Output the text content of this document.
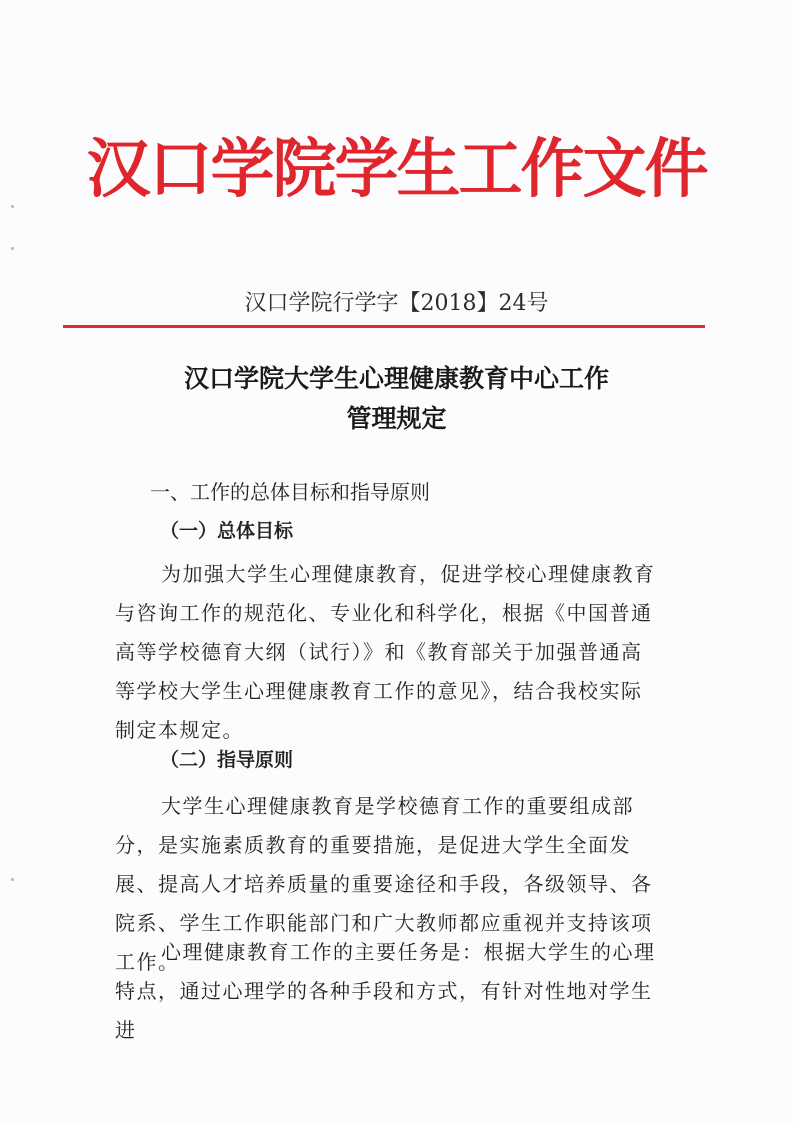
汉口学院学生工作文件
汉口学院行学字【2018】24号
汉口学院大学生心理健康教育中心工作
管理规定
一、工作的总体目标和指导原则
（一）总体目标
为加强大学生心理健康教育，促进学校心理健康教育与咨询工作的规范化、专业化和科学化，根据《中国普通高等学校德育大纲（试行）》和《教育部关于加强普通高等学校大学生心理健康教育工作的意见》，结合我校实际制定本规定。
（二）指导原则
大学生心理健康教育是学校德育工作的重要组成部分，是实施素质教育的重要措施，是促进大学生全面发展、提高人才培养质量的重要途径和手段，各级领导、各院系、学生工作职能部门和广大教师都应重视并支持该项工作。
心理健康教育工作的主要任务是：根据大学生的心理特点，通过心理学的各种手段和方式，有针对性地对学生进
